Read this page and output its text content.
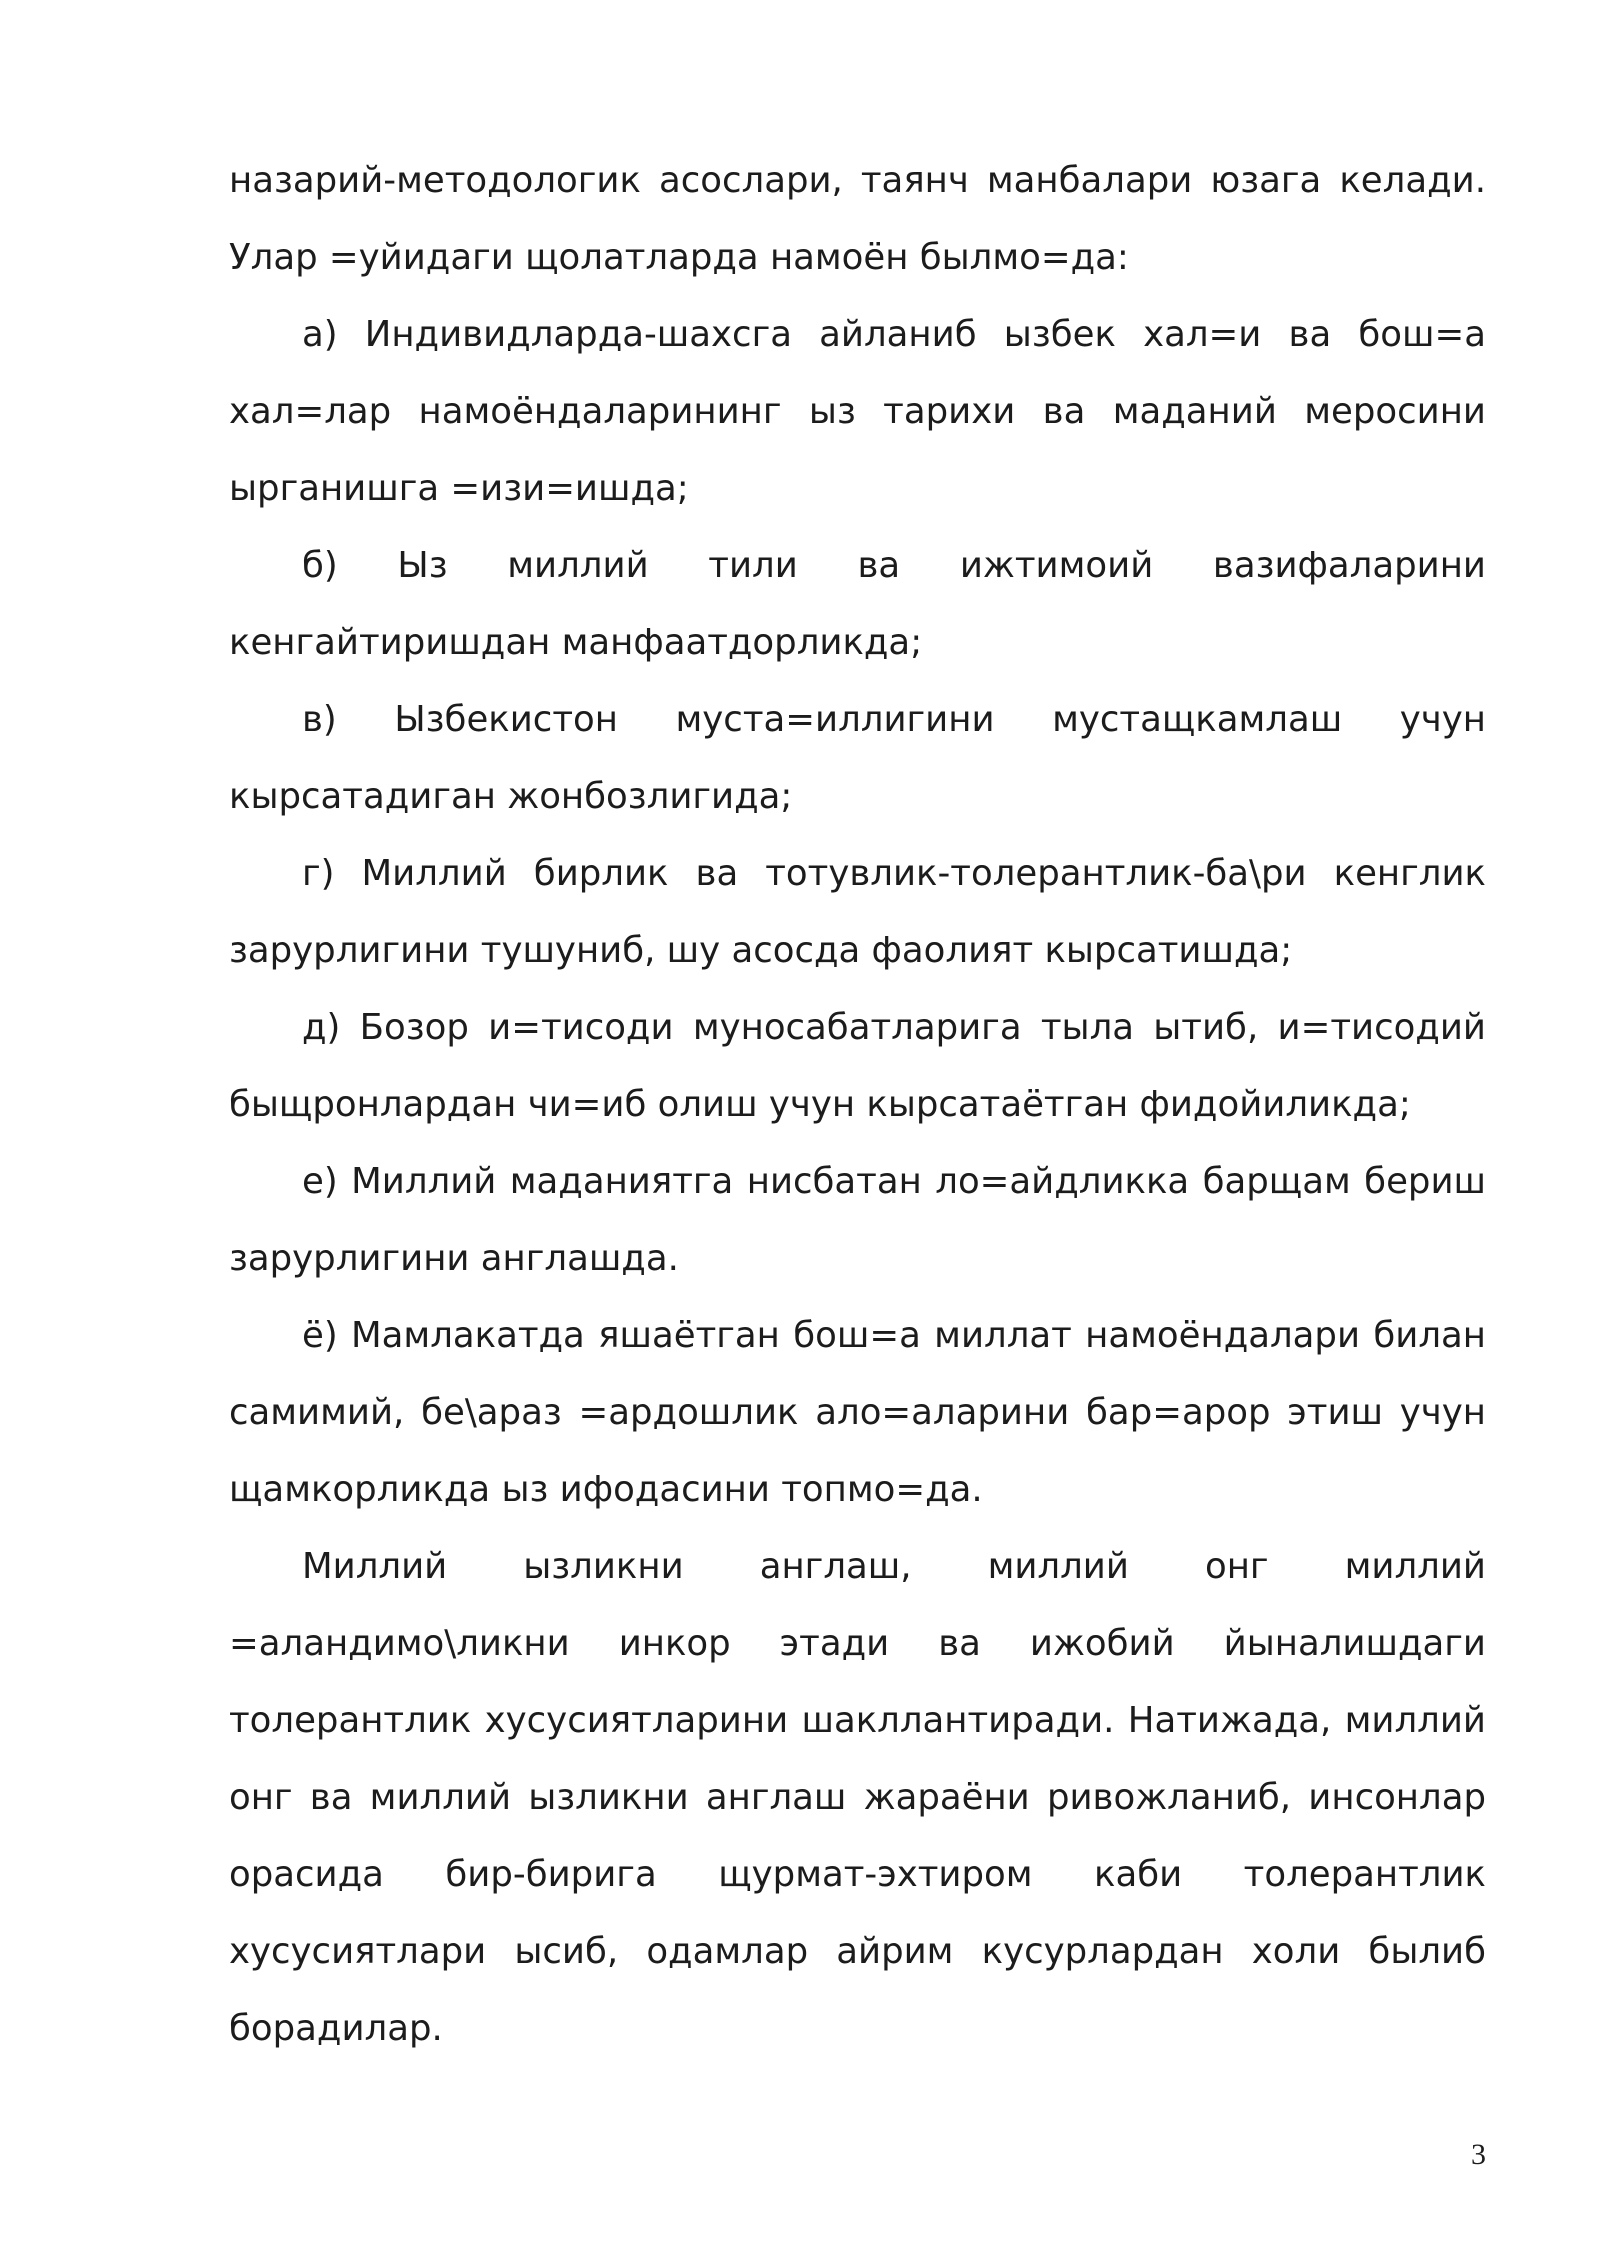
назарий-методологик асослари, таянч манбалари юзага келади. Улар =уйидаги щолатларда намоён былмо=да:

а) Индивидларда-шахсга айланиб ызбек хал=и ва бош=а хал=лар намоёндаларининг ыз тарихи ва маданий меросини ырганишга =изи=ишда;

б) Ыз миллий тили ва ижтимоий вазифаларини кенгайтиришдан манфаатдорликда;

в) Ызбекистон муста=иллигини мустащкамлаш учун кырсатадиган жонбозлигида;

г) Миллий бирлик ва тотувлик-толерантлик-ба\ри кенглик зарурлигини тушуниб, шу асосда фаолият кырсатишда;

д) Бозор и=тисоди муносабатларига тыла ытиб, и=тисодий быщронлардан чи=иб олиш учун кырсатаётган фидойиликда;

е) Миллий маданиятга нисбатан ло=айдликка барщам бериш зарурлигини англашда.

ё) Мамлакатда яшаётган бош=а миллат намоёндалари билан самимий, бе\араз =ардошлик ало=аларини бар=арор этиш учун щамкорликда ыз ифодасини топмо=да.

Миллий ызликни англаш, миллий онг миллий =аландимо\ликни инкор этади ва ижобий йыналишдаги толерантлик хусусиятларини шакллантиради. Натижада, миллий онг ва миллий ызликни англаш жараёни ривожланиб, инсонлар орасида бир-бирига щурмат-эхтиром каби толерантлик хусусиятлари ысиб, одамлар айрим кусурлардан холи былиб борадилар.

3
